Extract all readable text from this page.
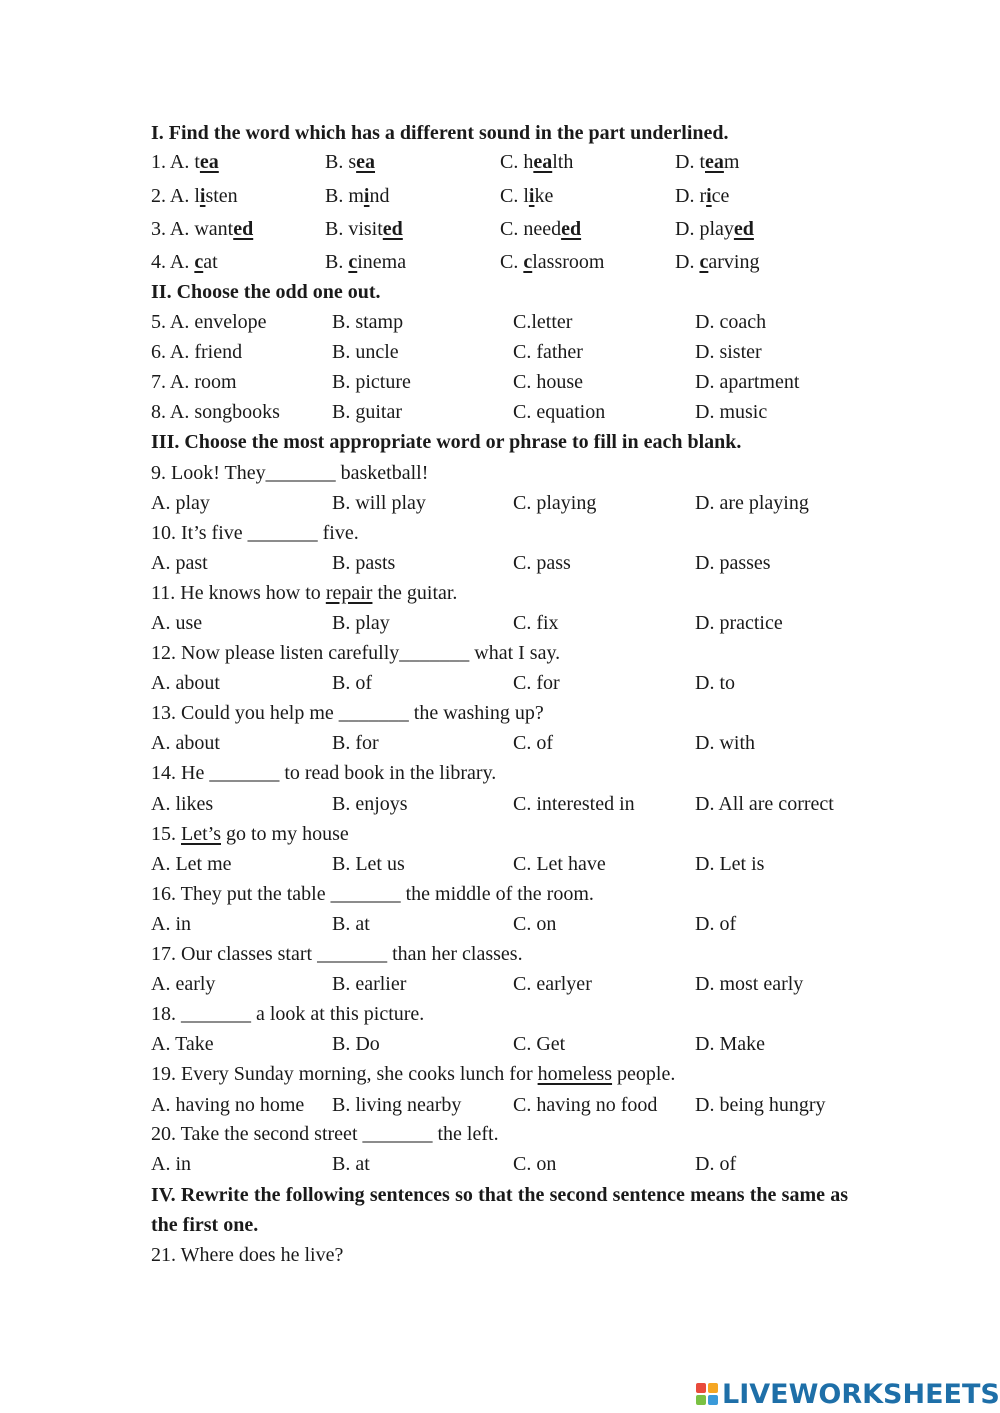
I. Find the word which has a different sound in the part underlined.
1. A. tea	B. sea	C. health	D. team
2. A. listen	B. mind	C. like	D. rice
3. A. wanted	B. visited	C. needed	D. played
4. A. cat	B. cinema	C. classroom	D. carving
II. Choose the odd one out.
5. A. envelope	B. stamp	C.letter	D. coach
6. A. friend	B. uncle	C. father	D. sister
7. A. room	B. picture	C. house	D. apartment
8. A. songbooks	B. guitar	C. equation	D. music
III. Choose the most appropriate word or phrase to fill in each blank.
9. Look! They_______ basketball!
A. play	B. will play	C. playing	D. are playing
10. It’s five _______ five.
A. past	B. pasts	C. pass	D. passes
11. He knows how to repair the guitar.
A. use	B. play	C. fix	D. practice
12. Now please listen carefully_______ what I say.
A. about	B. of	C. for	D. to
13. Could you help me _______ the washing up?
A. about	B. for	C. of	D. with
14. He _______ to read book in the library.
A. likes	B. enjoys	C. interested in	D. All are correct
15. Let’s go to my house
A. Let me	B. Let us	C. Let have	D. Let is
16. They put the table _______ the middle of the room.
A. in	B. at	C. on	D. of
17. Our classes start _______ than her classes.
A. early	B. earlier	C. earlyer	D. most early
18. _______ a look at this picture.
A. Take	B. Do	C. Get	D. Make
19. Every Sunday morning, she cooks lunch for homeless people.
A. having no home B. living nearby	C. having no food D. being hungry
20. Take the second street _______ the left.
A. in	B. at	C. on	D. of
IV. Rewrite the following sentences so that the second sentence means the same as the first one.
21. Where does he live?
LIVEWORKSHEETS
